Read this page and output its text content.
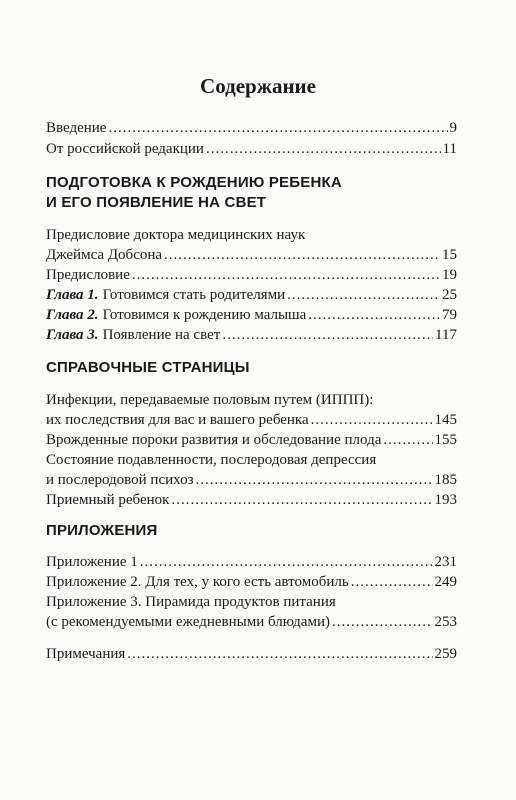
Содержание
Введение .....	9
От российской редакции .....	11
ПОДГОТОВКА К РОЖДЕНИЮ РЕБЕНКА
И ЕГО ПОЯВЛЕНИЕ НА СВЕТ
Предисловие доктора медицинских наук
Джеймса Добсона .....	15
Предисловие .....	19
Глава 1. Готовимся стать родителями .....	25
Глава 2. Готовимся к рождению малыша .....	79
Глава 3. Появление на свет .....	117
СПРАВОЧНЫЕ СТРАНИЦЫ
Инфекции, передаваемые половым путем (ИППП):
их последствия для вас и вашего ребенка .....	145
Врожденные пороки развития и обследование плода .....	155
Состояние подавленности, послеродовая депрессия
и послеродовой психоз .....	185
Приемный ребенок .....	193
ПРИЛОЖЕНИЯ
Приложение 1 .....	231
Приложение 2. Для тех, у кого есть автомобиль .....	249
Приложение 3. Пирамида продуктов питания
(с рекомендуемыми ежедневными блюдами) .....	253
Примечания .....	259
